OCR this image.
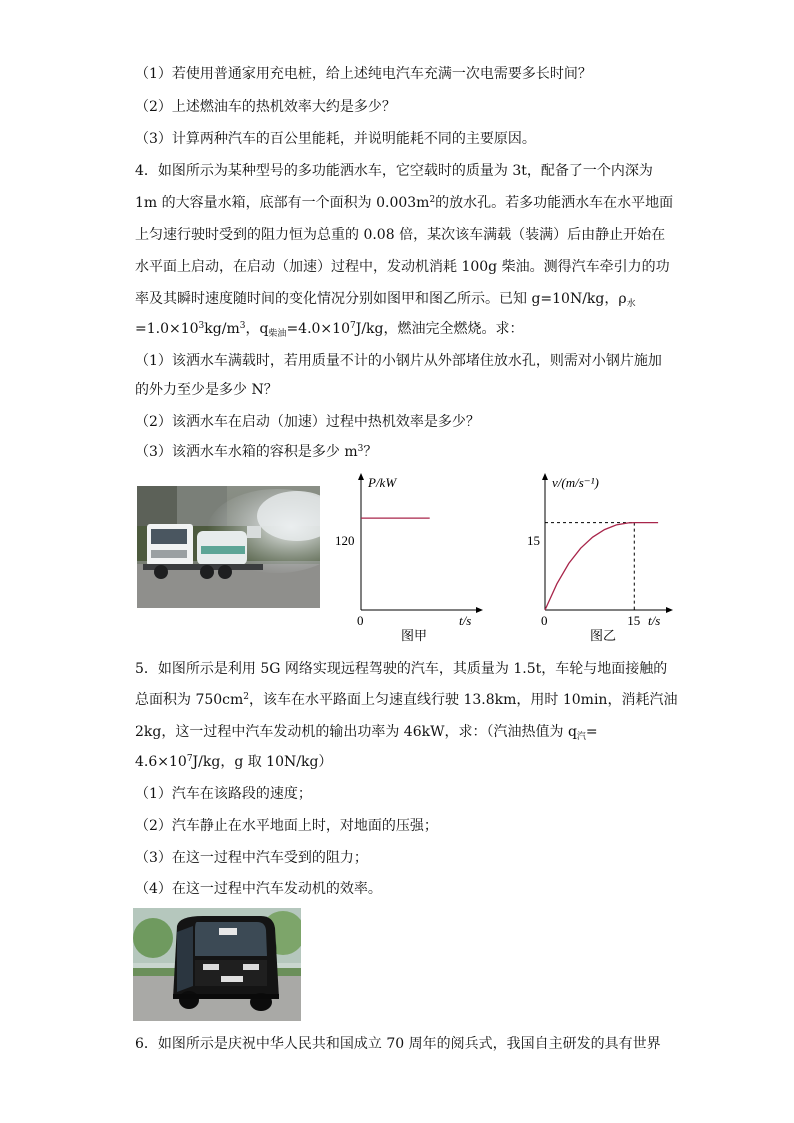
（1）若使用普通家用充电桩，给上述纯电汽车充满一次电需要多长时间？
（2）上述燃油车的热机效率大约是多少？
（3）计算两种汽车的百公里能耗，并说明能耗不同的主要原因。
4．如图所示为某种型号的多功能洒水车，它空载时的质量为 3t，配备了一个内深为
1m 的大容量水箱，底部有一个面积为 $0.003m^2$的放水孔。若多功能洒水车在水平地面
上匀速行驶时受到的阻力恒为总重的 0.08 倍，某次该车满载（装满）后由静止开始在
水平面上启动，在启动（加速）过程中，发动机消耗 100g 柴油。测得汽车牵引力的功
率及其瞬时速度随时间的变化情况分别如图甲和图乙所示。已知 g=10N/kg，$\rho_水$
$=1.0\times 10^3kg/m^3$，$q_{柴油}=4.0\times 10^7J/kg$，燃油完全燃烧。求：
（1）该洒水车满载时，若用质量不计的小钢片从外部堵住放水孔，则需对小钢片施加
的外力至少是多少 N？
（2）该洒水车在启动（加速）过程中热机效率是多少？
（3）该洒水车水箱的容积是多少 $m^3$？
P/kW
t/s
120
0
图甲
v/(m/s⁻¹)
t/s
15
0	15
图乙
5．如图所示是利用 5G 网络实现远程驾驶的汽车，其质量为 1.5t，车轮与地面接触的
总面积为 $750cm^2$，该车在水平路面上匀速直线行驶 13.8km，用时 10min，消耗汽油
2kg，这一过程中汽车发动机的输出功率为 46kW，求：（汽油热值为 $q_汽=$
$4.6\times 10^7J/kg$，g 取 10N/kg）
（1）汽车在该路段的速度；
（2）汽车静止在水平地面上时，对地面的压强；
（3）在这一过程中汽车受到的阻力；
（4）在这一过程中汽车发动机的效率。
6．如图所示是庆祝中华人民共和国成立 70 周年的阅兵式，我国自主研发的具有世界
